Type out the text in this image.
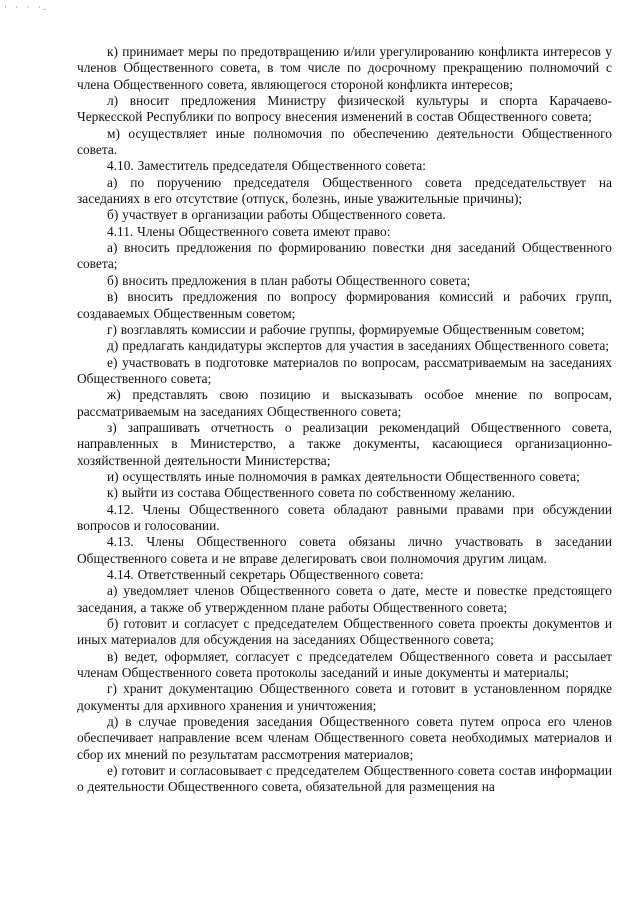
· · · ·.

к) принимает меры по предотвращению и/или урегулированию конфликта интересов у членов Общественного совета, в том числе по досрочному прекращению полномочий с члена Общественного совета, являющегося стороной конфликта интересов;

л) вносит предложения Министру физической культуры и спорта Карачаево-Черкесской Республики по вопросу внесения изменений в состав Общественного совета;

м) осуществляет иные полномочия по обеспечению деятельности Общественного совета.

4.10. Заместитель председателя Общественного совета:

а) по поручению председателя Общественного совета председательствует на заседаниях в его отсутствие (отпуск, болезнь, иные уважительные причины);

б) участвует в организации работы Общественного совета.

4.11. Члены Общественного совета имеют право:

а) вносить предложения по формированию повестки дня заседаний Общественного совета;

б) вносить предложения в план работы Общественного совета;

в) вносить предложения по вопросу формирования комиссий и рабочих групп, создаваемых Общественным советом;

г) возглавлять комиссии и рабочие группы, формируемые Общественным советом;

д) предлагать кандидатуры экспертов для участия в заседаниях Общественного совета;

е) участвовать в подготовке материалов по вопросам, рассматриваемым на заседаниях Общественного совета;

ж) представлять свою позицию и высказывать особое мнение по вопросам, рассматриваемым на заседаниях Общественного совета;

з) запрашивать отчетность о реализации рекомендаций Общественного совета, направленных в Министерство, а также документы, касающиеся организационно-хозяйственной деятельности Министерства;

и) осуществлять иные полномочия в рамках деятельности Общественного совета;

к) выйти из состава Общественного совета по собственному желанию.

4.12. Члены Общественного совета обладают равными правами при обсуждении вопросов и голосовании.

4.13. Члены Общественного совета обязаны лично участвовать в заседании Общественного совета и не вправе делегировать свои полномочия другим лицам.

4.14. Ответственный секретарь Общественного совета:

а) уведомляет членов Общественного совета о дате, месте и повестке предстоящего заседания, а также об утвержденном плане работы Общественного совета;

б) готовит и согласует с председателем Общественного совета проекты документов и иных материалов для обсуждения на заседаниях Общественного совета;

в) ведет, оформляет, согласует с председателем Общественного совета и рассылает членам Общественного совета протоколы заседаний и иные документы и материалы;

г) хранит документацию Общественного совета и готовит в установленном порядке документы для архивного хранения и уничтожения;

д) в случае проведения заседания Общественного совета путем опроса его членов обеспечивает направление всем членам Общественного совета необходимых материалов и сбор их мнений по результатам рассмотрения материалов;

е) готовит и согласовывает с председателем Общественного совета состав информации о деятельности Общественного совета, обязательной для размещения на
